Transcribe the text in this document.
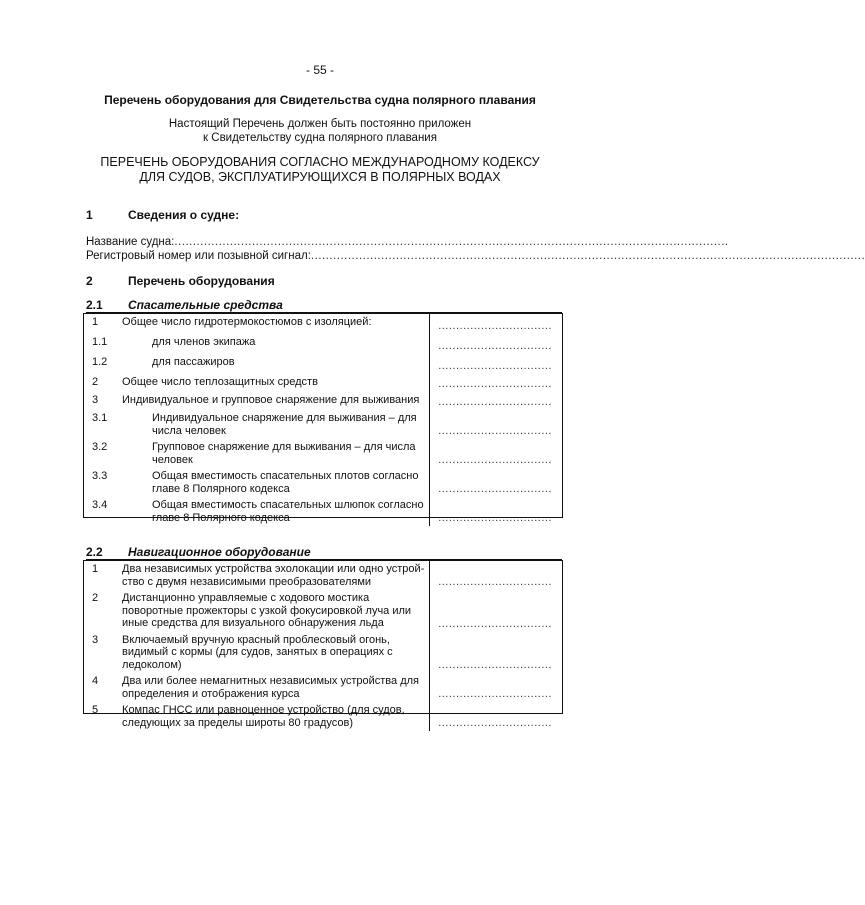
- 55 -
Перечень оборудования для Свидетельства судна полярного плавания
Настоящий Перечень должен быть постоянно приложен
к Свидетельству судна полярного плавания
ПЕРЕЧЕНЬ ОБОРУДОВАНИЯ СОГЛАСНО МЕЖДУНАРОДНОМУ КОДЕКСУ
ДЛЯ СУДОВ, ЭКСПЛУАТИРУЮЩИХСЯ В ПОЛЯРНЫХ ВОДАХ
1	Сведения о судне:
Название судна:......................................................................................................................................................
Регистровый номер или позывной сигнал:......................................................................................................................................................
2	Перечень оборудования
2.1 Спасательные средства
1	Общее число гидротермокостюмов с изоляцией:	................................
1.1	для членов экипажа	................................
1.2	для пассажиров	................................
2	Общее число теплозащитных средств	................................
3	Индивидуальное и групповое снаряжение для выживания	................................
3.1	Индивидуальное снаряжение для выживания – для числа человек	................................
3.2	Групповое снаряжение для выживания – для числа человек	................................
3.3	Общая вместимость спасательных плотов согласно главе 8 Полярного кодекса	................................
3.4	Общая вместимость спасательных шлюпок согласно главе 8 Полярного кодекса	................................
2.2 Навигационное оборудование
1	Два независимых устройства эхолокации или одно устрой-ство с двумя независимыми преобразователями	................................
2	Дистанционно управляемые с ходового мостика поворотные прожекторы с узкой фокусировкой луча или иные средства для визуального обнаружения льда	................................
3	Включаемый вручную красный проблесковый огонь, видимый с кормы (для судов, занятых в операциях с ледоколом)	................................
4	Два или более немагнитных независимых устройства для определения и отображения курса	................................
5	Компас ГНСС или равноценное устройство (для судов, следующих за пределы широты 80 градусов)	................................
